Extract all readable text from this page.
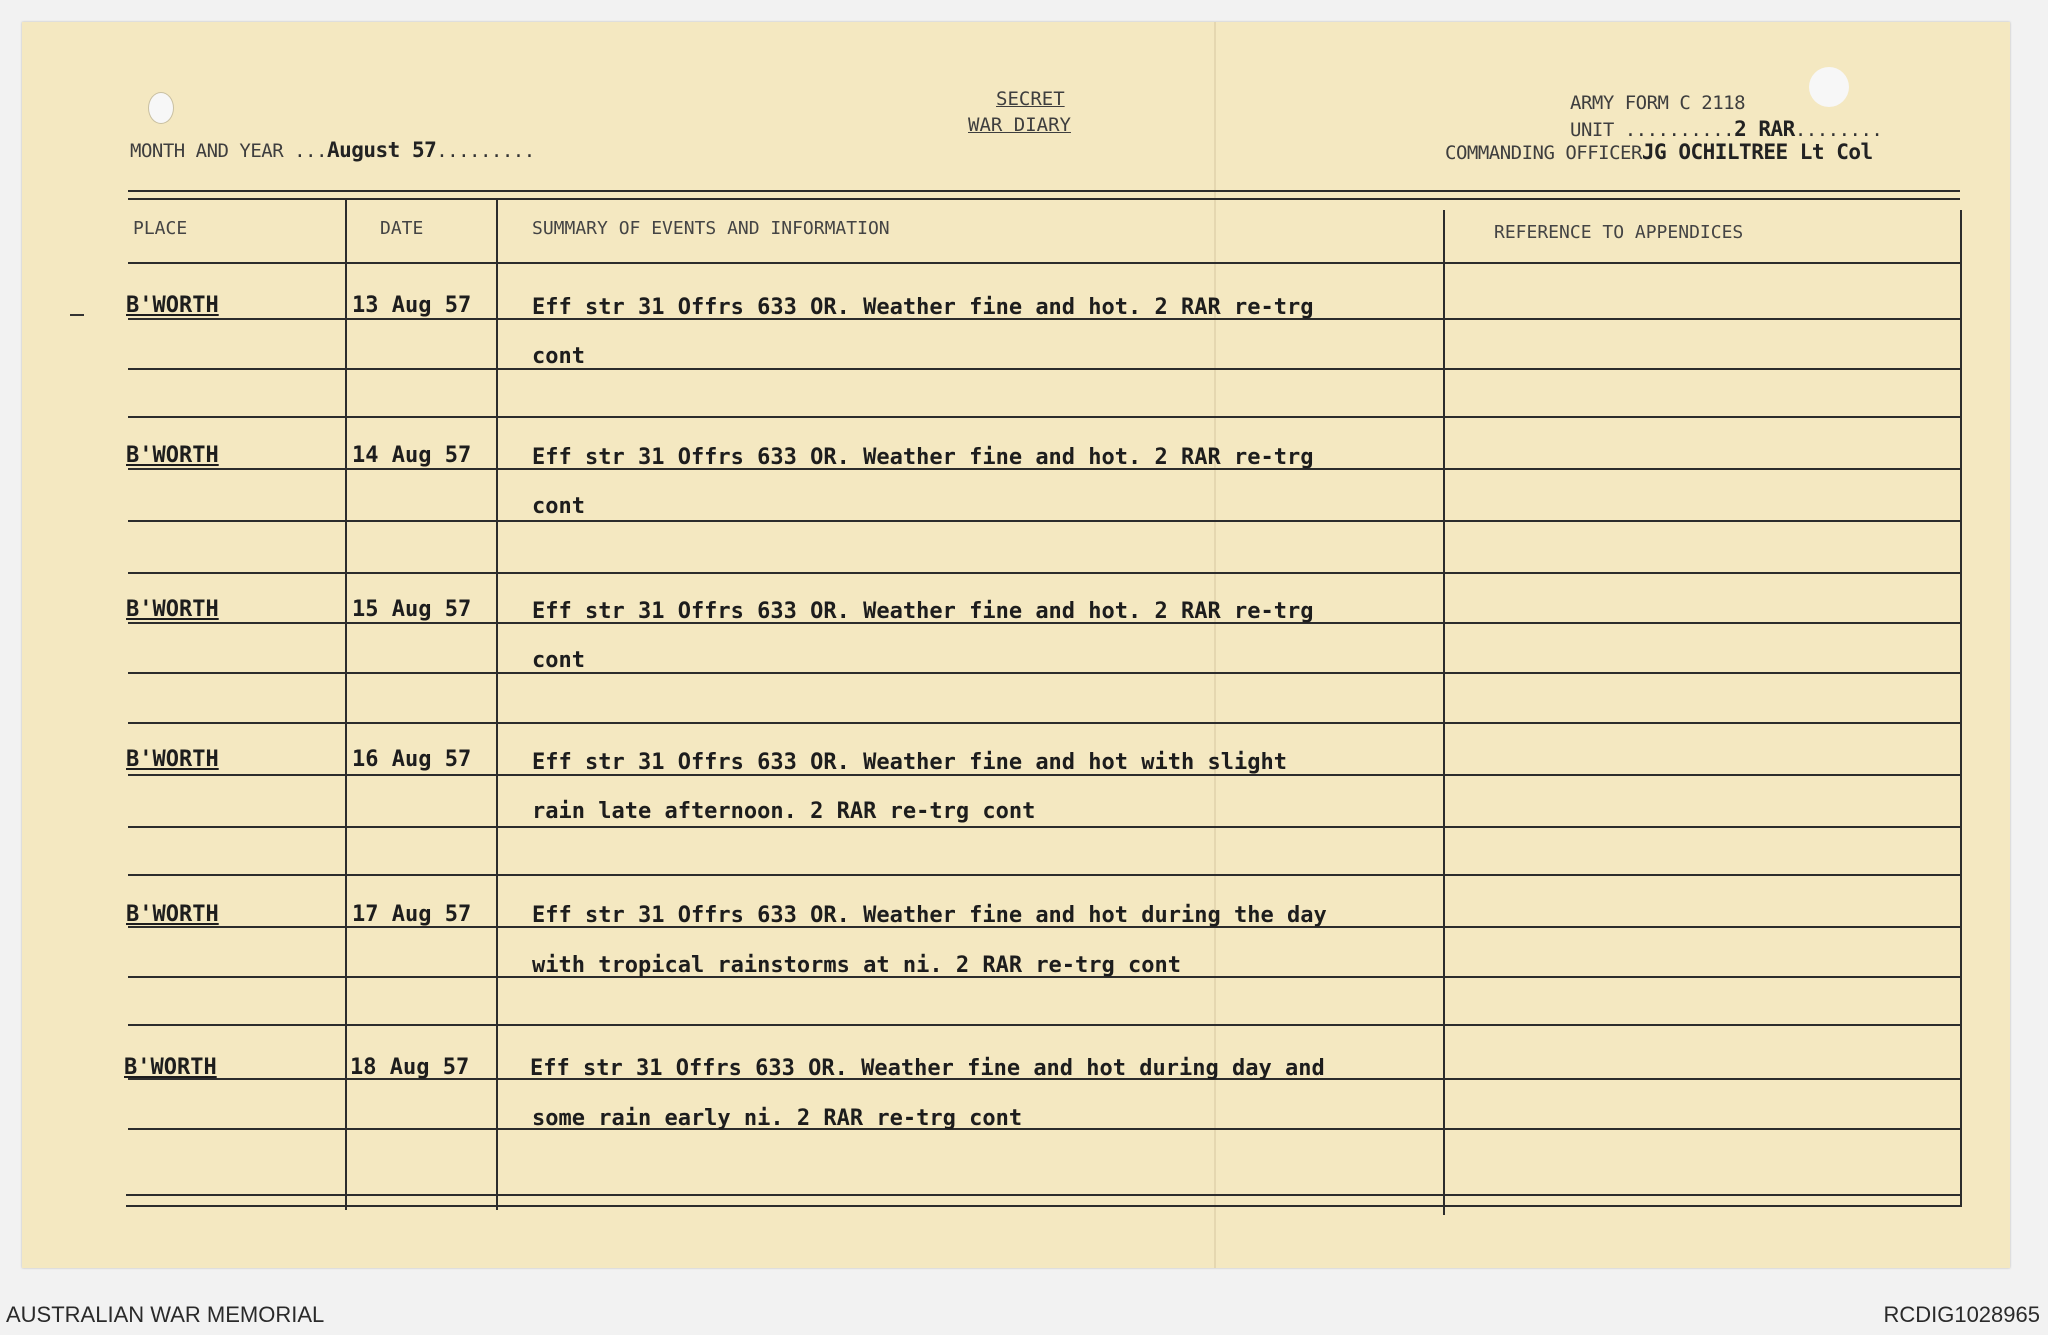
SECRET
WAR DIARY
MONTH AND YEAR ...August 57.........
ARMY FORM C 2118
UNIT ..........2 RAR........
COMMANDING OFFICERJG OCHILTREE Lt Col
PLACE	DATE	SUMMARY OF EVENTS AND INFORMATION	REFERENCE TO APPENDICES
B'WORTH	13 Aug 57	Eff str 31 Offrs 633 OR. Weather fine and hot. 2 RAR re-trg
cont
B'WORTH	14 Aug 57	Eff str 31 Offrs 633 OR. Weather fine and hot. 2 RAR re-trg
cont
B'WORTH	15 Aug 57	Eff str 31 Offrs 633 OR. Weather fine and hot. 2 RAR re-trg
cont
B'WORTH	16 Aug 57	Eff str 31 Offrs 633 OR. Weather fine and hot with slight
rain late afternoon. 2 RAR re-trg cont
B'WORTH	17 Aug 57	Eff str 31 Offrs 633 OR. Weather fine and hot during the day
with tropical rainstorms at ni. 2 RAR re-trg cont
B'WORTH	18 Aug 57	Eff str 31 Offrs 633 OR. Weather fine and hot during day and
some rain early ni. 2 RAR re-trg cont
AUSTRALIAN WAR MEMORIAL	RCDIG1028965
